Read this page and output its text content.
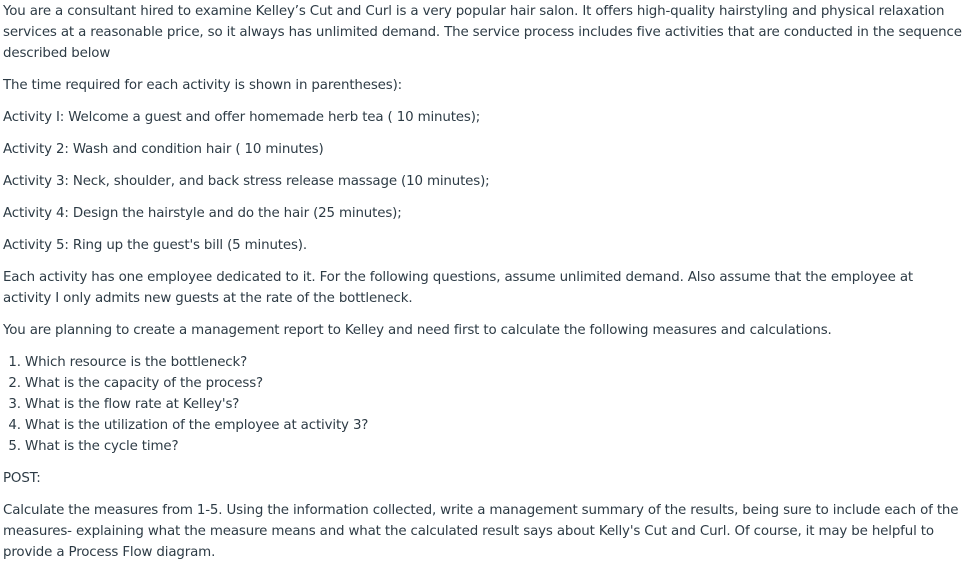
You are a consultant hired to examine Kelley’s Cut and Curl is a very popular hair salon. It offers high-quality hairstyling and physical relaxation services at a reasonable price, so it always has unlimited demand. The service process includes five activities that are conducted in the sequence described below

The time required for each activity is shown in parentheses):

Activity I: Welcome a guest and offer homemade herb tea ( 10 minutes);

Activity 2: Wash and condition hair ( 10 minutes)

Activity 3: Neck, shoulder, and back stress release massage (10 minutes);

Activity 4: Design the hairstyle and do the hair (25 minutes);

Activity 5: Ring up the guest's bill (5 minutes).

Each activity has one employee dedicated to it. For the following questions, assume unlimited demand. Also assume that the employee at activity I only admits new guests at the rate of the bottleneck.

You are planning to create a management report to Kelley and need first to calculate the following measures and calculations.

1. Which resource is the bottleneck?
2. What is the capacity of the process?
3. What is the flow rate at Kelley's?
4. What is the utilization of the employee at activity 3?
5. What is the cycle time?

POST:

Calculate the measures from 1-5. Using the information collected, write a management summary of the results, being sure to include each of the measures- explaining what the measure means and what the calculated result says about Kelly's Cut and Curl. Of course, it may be helpful to provide a Process Flow diagram.
